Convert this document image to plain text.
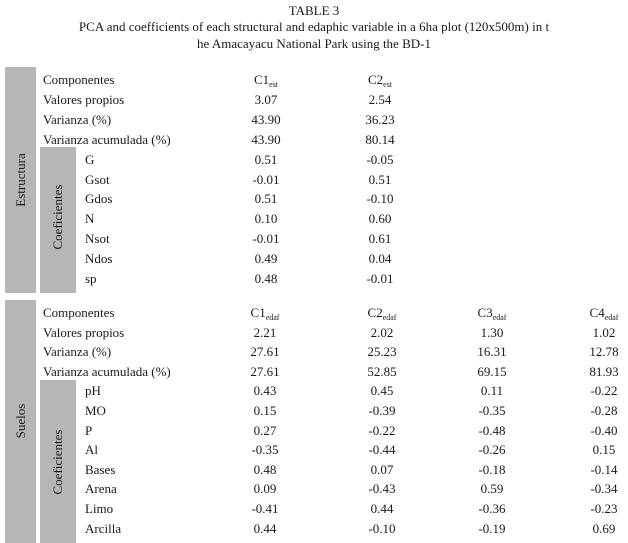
TABLE 3
PCA and coefficients of each structural and edaphic variable in a 6ha plot (120x500m) in t
he Amacayacu National Park using the BD-1
Estructura
Coeficientes
Componentes	$C1_{est}$	$C2_{est}$
Valores propios	3.07	2.54
Varianza (%)	43.90	36.23
Varianza acumulada (%)	43.90	80.14
G	0.51	-0.05
Gsot	-0.01	0.51
Gdos	0.51	-0.10
N	0.10	0.60
Nsot	-0.01	0.61
Ndos	0.49	0.04
sp	0.48	-0.01
Suelos
Coeficientes
Componentes	$C1_{edaf}$	$C2_{edaf}$	$C3_{edaf}$	$C4_{edaf}$
Valores propios	2.21	2.02	1.30	1.02
Varianza (%)	27.61	25.23	16.31	12.78
Varianza acumulada (%)	27.61	52.85	69.15	81.93
pH	0.43	0.45	0.11	-0.22
MO	0.15	-0.39	-0.35	-0.28
P	0.27	-0.22	-0.48	-0.40
Al	-0.35	-0.44	-0.26	0.15
Bases	0.48	0.07	-0.18	-0.14
Arena	0.09	-0.43	0.59	-0.34
Limo	-0.41	0.44	-0.36	-0.23
Arcilla	0.44	-0.10	-0.19	0.69
